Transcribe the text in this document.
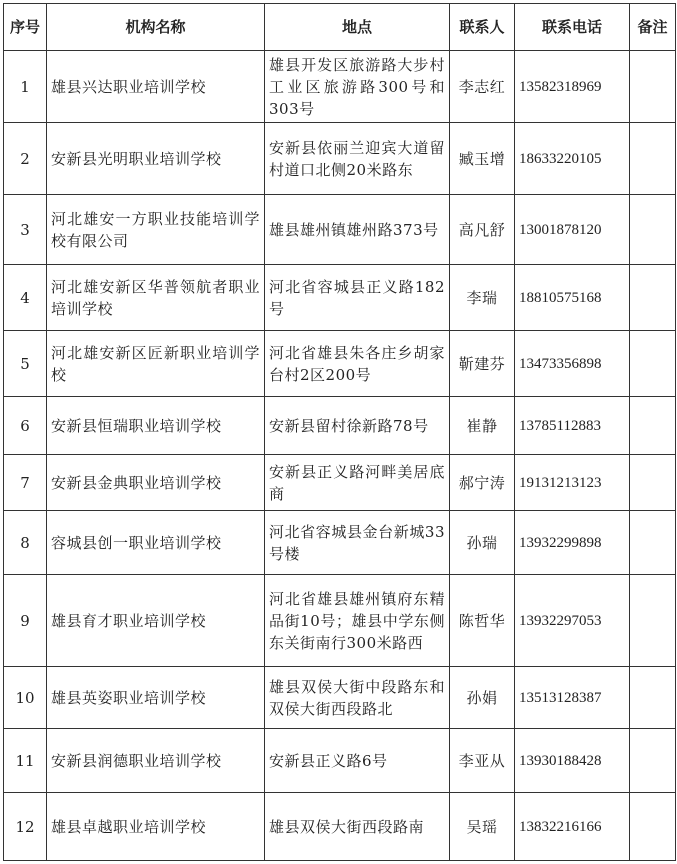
序号	机构名称	地点	联系人	联系电话	备注
1	雄县兴达职业培训学校	雄县开发区旅游路大步村工业区旅游路300号和303号	李志红	13582318969	
2	安新县光明职业培训学校	安新县依丽兰迎宾大道留村道口北侧20米路东	臧玉增	18633220105	
3	河北雄安一方职业技能培训学校有限公司	雄县雄州镇雄州路373号	高凡舒	13001878120	
4	河北雄安新区华普领航者职业培训学校	河北省容城县正义路182号	李瑞	18810575168	
5	河北雄安新区匠新职业培训学校	河北省雄县朱各庄乡胡家台村2区200号	靳建芬	13473356898	
6	安新县恒瑞职业培训学校	安新县留村徐新路78号	崔静	13785112883	
7	安新县金典职业培训学校	安新县正义路河畔美居底商	郝宁涛	19131213123	
8	容城县创一职业培训学校	河北省容城县金台新城33号楼	孙瑞	13932299898	
9	雄县育才职业培训学校	河北省雄县雄州镇府东精品街10号；雄县中学东侧东关街南行300米路西	陈哲华	13932297053	
10	雄县英姿职业培训学校	雄县双侯大街中段路东和双侯大街西段路北	孙娟	13513128387	
11	安新县润德职业培训学校	安新县正义路6号	李亚从	13930188428	
12	雄县卓越职业培训学校	雄县双侯大街西段路南	吴瑶	13832216166	
